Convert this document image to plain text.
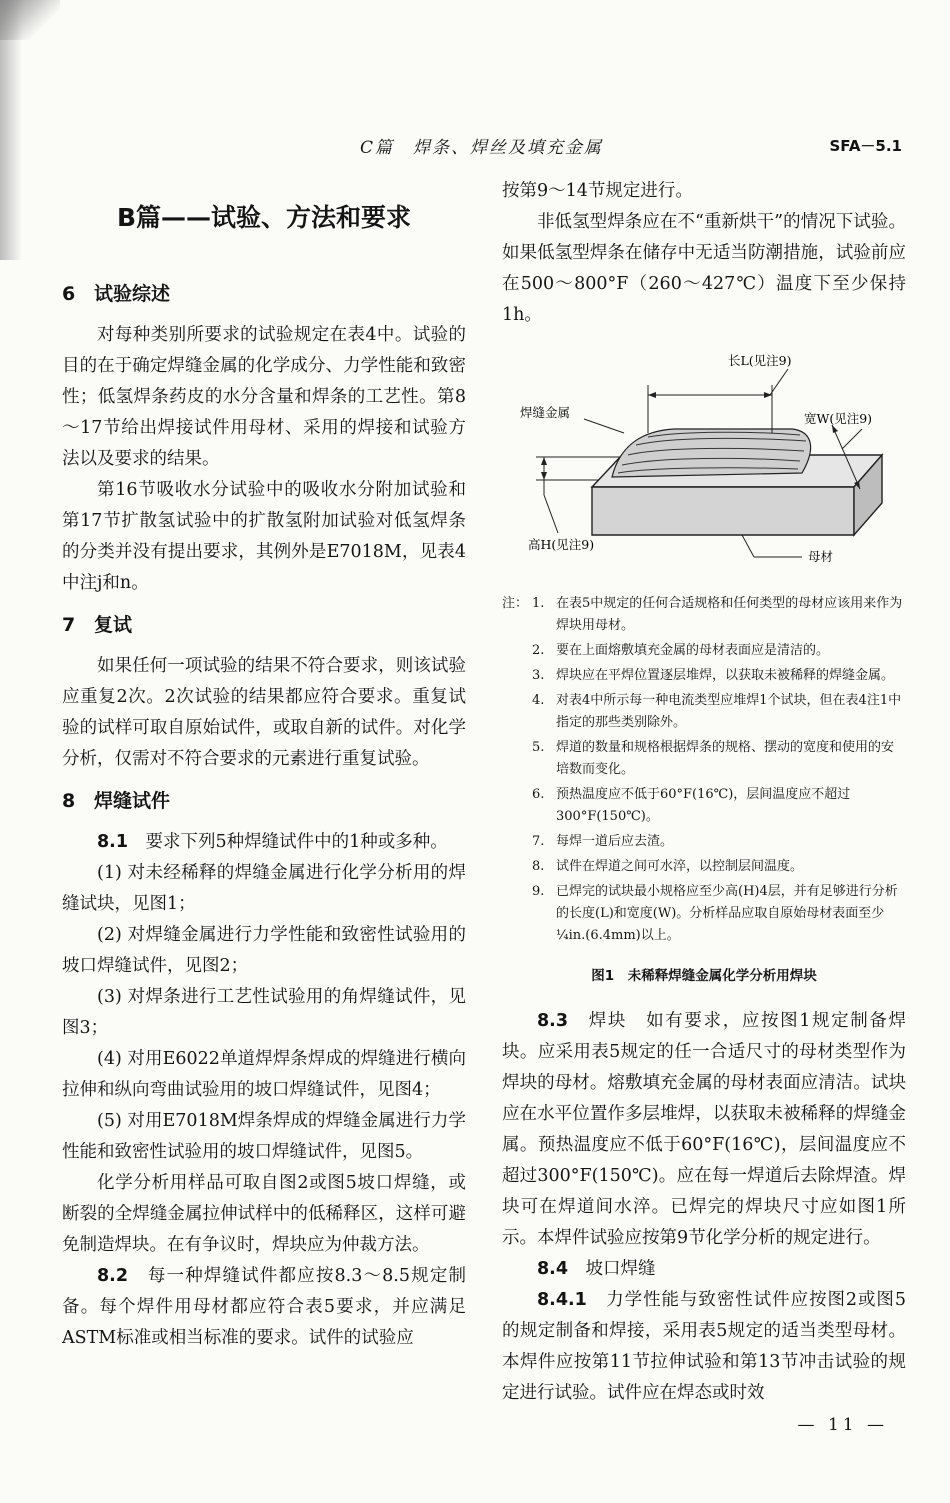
C篇　焊条、焊丝及填充金属	SFA－5.1
B篇——试验、方法和要求
6 试验综述

对每种类别所要求的试验规定在表4中。试验的目的在于确定焊缝金属的化学成分、力学性能和致密性；低氢焊条药皮的水分含量和焊条的工艺性。第8～17节给出焊接试件用母材、采用的焊接和试验方法以及要求的结果。

第16节吸收水分试验中的吸收水分附加试验和第17节扩散氢试验中的扩散氢附加试验对低氢焊条的分类并没有提出要求，其例外是E7018M，见表4中注j和n。

7 复试

如果任何一项试验的结果不符合要求，则该试验应重复2次。2次试验的结果都应符合要求。重复试验的试样可取自原始试件，或取自新的试件。对化学分析，仅需对不符合要求的元素进行重复试验。

8 焊缝试件

8.1　 要求下列5种焊缝试件中的1种或多种。

(1) 对未经稀释的焊缝金属进行化学分析用的焊缝试块，见图1；

(2) 对焊缝金属进行力学性能和致密性试验用的坡口焊缝试件，见图2；

(3) 对焊条进行工艺性试验用的角焊缝试件，见图3；

(4) 对用E6022单道焊焊条焊成的焊缝进行横向拉伸和纵向弯曲试验用的坡口焊缝试件，见图4；

(5) 对用E7018M焊条焊成的焊缝金属进行力学性能和致密性试验用的坡口焊缝试件，见图5。

化学分析用样品可取自图2或图5坡口焊缝，或断裂的全焊缝金属拉伸试样中的低稀释区，这样可避免制造焊块。在有争议时，焊块应为仲裁方法。

8.2　 每一种焊缝试件都应按8.3～8.5规定制备。每个焊件用母材都应符合表5要求，并应满足ASTM标准或相当标准的要求。试件的试验应

按第9～14节规定进行。

非低氢型焊条应在不“重新烘干”的情况下试验。如果低氢型焊条在储存中无适当防潮措施，试验前应在500～800°F（260～427℃）温度下至少保持1h。

长L(见注9)
焊缝金属	宽W(见注9)
高H(见注9)
母材
注： 1. 在表5中规定的任何合适规格和任何类型的母材应该用来作为焊块用母材。
2. 要在上面熔敷填充金属的母材表面应是清洁的。
3. 焊块应在平焊位置逐层堆焊，以获取未被稀释的焊缝金属。
4. 对表4中所示每一种电流类型应堆焊1个试块，但在表4注1中指定的那些类别除外。
5. 焊道的数量和规格根据焊条的规格、摆动的宽度和使用的安培数而变化。
6. 预热温度应不低于60°F(16℃)，层间温度应不超过300°F(150℃)。
7. 每焊一道后应去渣。
8. 试件在焊道之间可水淬，以控制层间温度。
9. 已焊完的试块最小规格应至少高(H)4层，并有足够进行分析的长度(L)和宽度(W)。分析样品应取自原始母材表面至少¼in.(6.4mm)以上。
图1　未稀释焊缝金属化学分析用焊块

8.3　 焊块　如有要求，应按图1规定制备焊块。应采用表5规定的任一合适尺寸的母材类型作为焊块的母材。熔敷填充金属的母材表面应清洁。试块应在水平位置作多层堆焊，以获取未被稀释的焊缝金属。预热温度应不低于60°F(16℃)，层间温度应不超过300°F(150℃)。应在每一焊道后去除焊渣。焊块可在焊道间水淬。已焊完的焊块尺寸应如图1所示。本焊件试验应按第9节化学分析的规定进行。

8.4　 坡口焊缝

8.4.1　 力学性能与致密性试件应按图2或图5的规定制备和焊接，采用表5规定的适当类型母材。本焊件应按第11节拉伸试验和第13节冲击试验的规定进行试验。试件应在焊态或时效

— 11 —
